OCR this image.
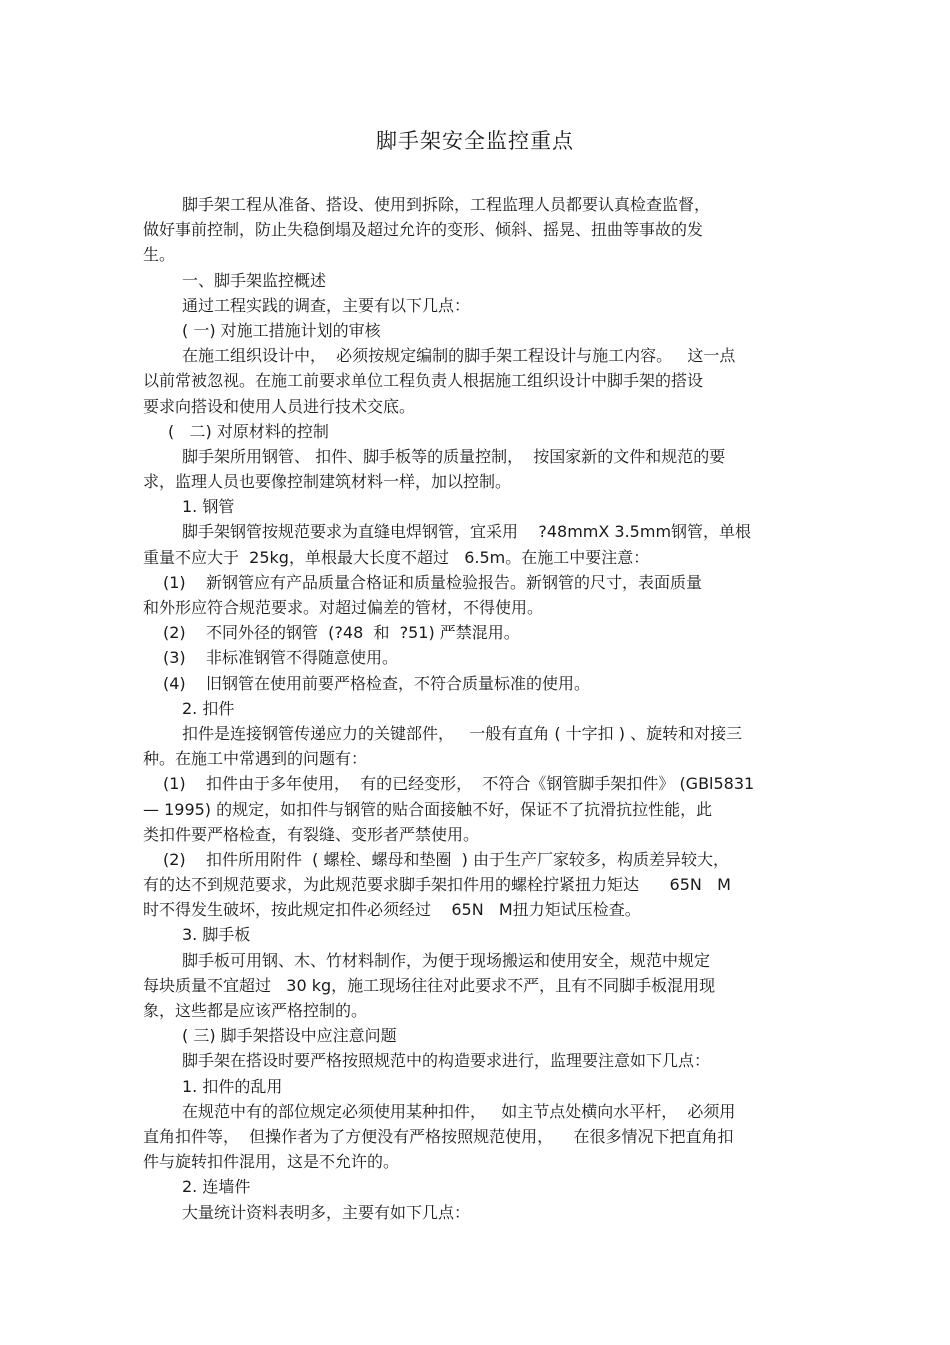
脚手架安全监控重点
脚手架工程从准备、搭设、使用到拆除，工程监理人员都要认真检查监督，
做好事前控制，防止失稳倒塌及超过允许的变形、倾斜、摇晃、扭曲等事故的发
生。
一、脚手架监控概述
通过工程实践的调查，主要有以下几点：
( 一) 对施工措施计划的审核
在施工组织设计中，  必须按规定编制的脚手架工程设计与施工内容。   这一点
以前常被忽视。在施工前要求单位工程负责人根据施工组织设计中脚手架的搭设
要求向搭设和使用人员进行技术交底。
(   二) 对原材料的控制
脚手架所用钢管、 扣件、脚手板等的质量控制，  按国家新的文件和规范的要
求，监理人员也要像控制建筑材料一样，加以控制。
1. 钢管
脚手架钢管按规范要求为直缝电焊钢管，宜采用    ?48mmX 3.5mm钢管，单根
重量不应大于  25kg，单根最大长度不超过   6.5m。在施工中要注意：
(1)    新钢管应有产品质量合格证和质量检验报告。新钢管的尺寸，表面质量
和外形应符合规范要求。对超过偏差的管材，不得使用。
(2)    不同外径的钢管  (?48  和  ?51) 严禁混用。
(3)    非标准钢管不得随意使用。
(4)    旧钢管在使用前要严格检查，不符合质量标准的使用。
2. 扣件
扣件是连接钢管传递应力的关键部件，   一般有直角 ( 十字扣 ) 、旋转和对接三
种。在施工中常遇到的问题有：
(1)    扣件由于多年使用，  有的已经变形，  不符合《钢管脚手架扣件》 (GBl5831
— 1995) 的规定，如扣件与钢管的贴合面接触不好，保证不了抗滑抗拉性能，此
类扣件要严格检查，有裂缝、变形者严禁使用。
(2)    扣件所用附件  ( 螺栓、螺母和垫圈  ) 由于生产厂家较多，构质差异较大，
有的达不到规范要求，为此规范要求脚手架扣件用的螺栓拧紧扭力矩达      65N   M
时不得发生破坏，按此规定扣件必须经过    65N   M扭力矩试压检查。
3. 脚手板
脚手板可用钢、木、竹材料制作，为便于现场搬运和使用安全，规范中规定
每块质量不宜超过   30 kg，施工现场往往对此要求不严，且有不同脚手板混用现
象，这些都是应该严格控制的。
( 三) 脚手架搭设中应注意问题
脚手架在搭设时要严格按照规范中的构造要求进行，监理要注意如下几点：
1. 扣件的乱用
在规范中有的部位规定必须使用某种扣件，   如主节点处横向水平杆，  必须用
直角扣件等，  但操作者为了方便没有严格按照规范使用，    在很多情况下把直角扣
件与旋转扣件混用，这是不允许的。
2. 连墙件
大量统计资料表明多，主要有如下几点：
